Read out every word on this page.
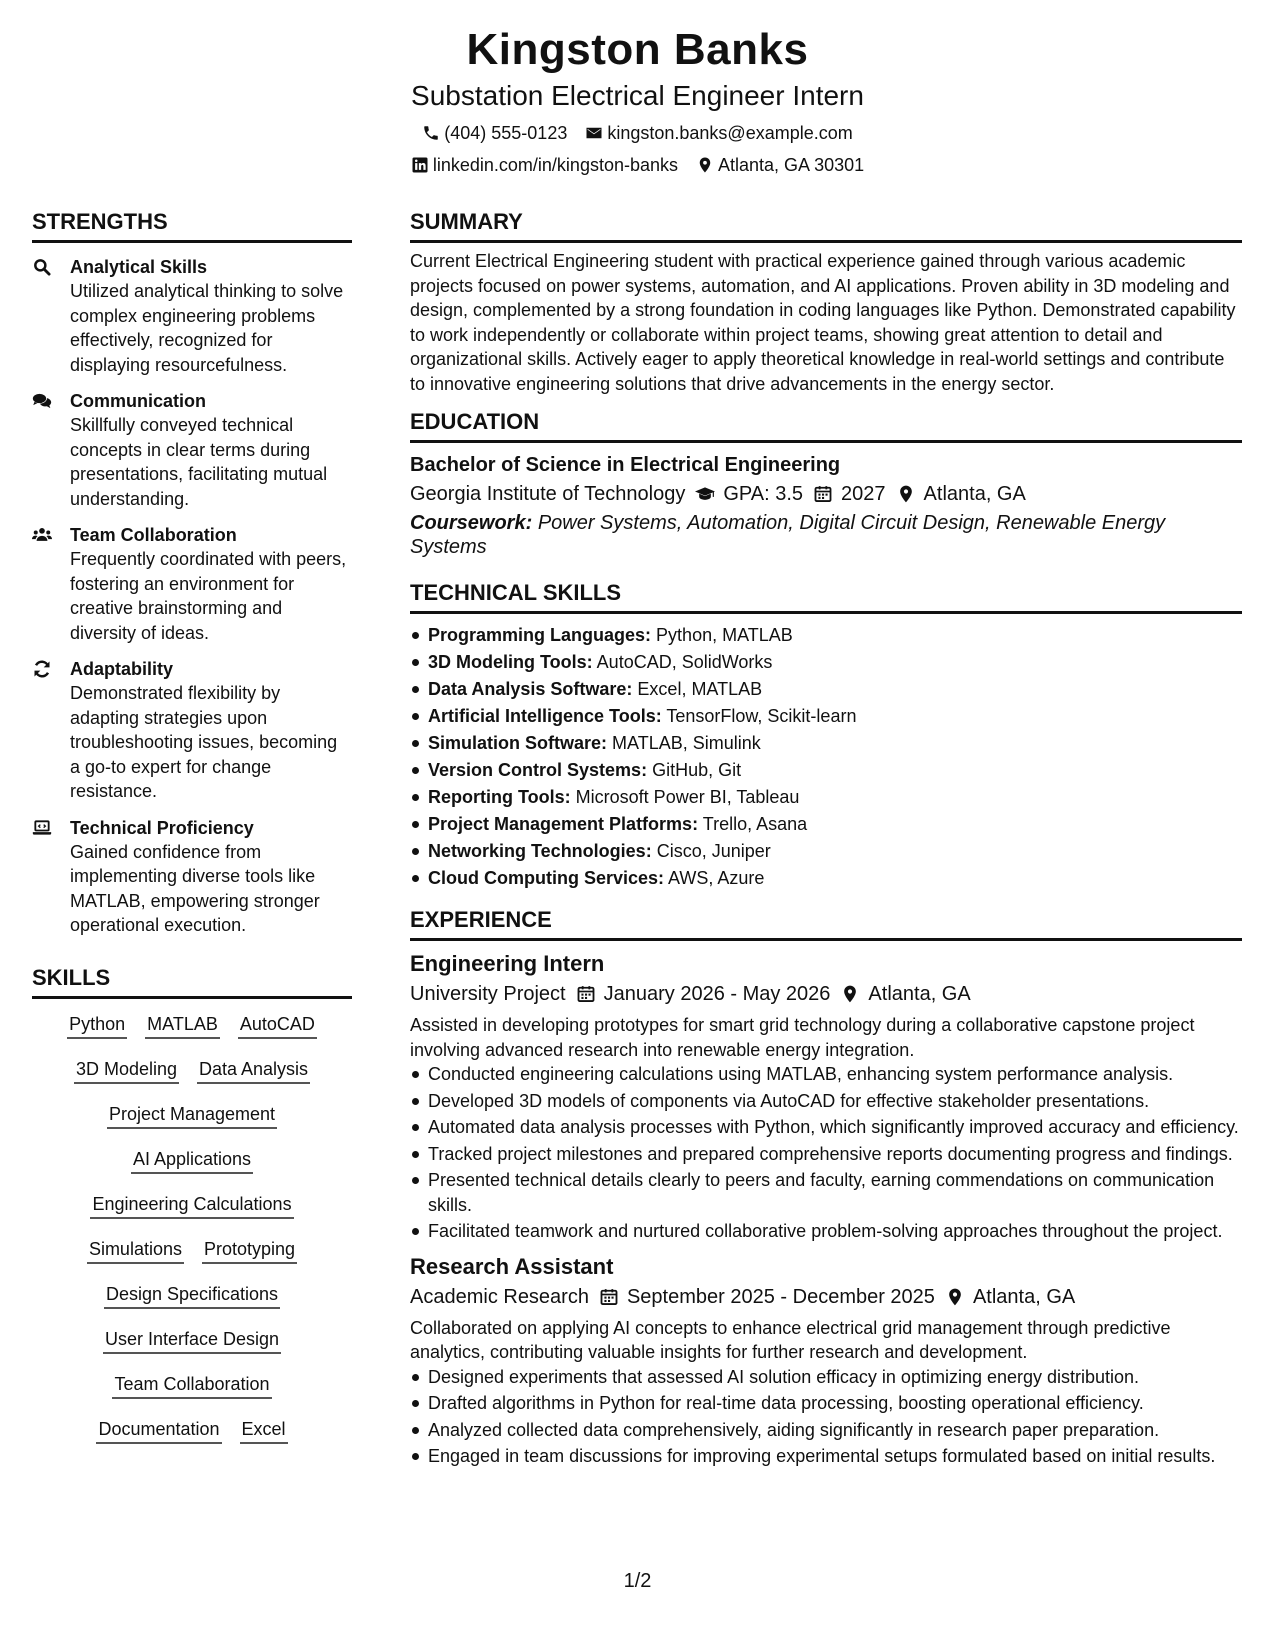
Kingston Banks
Substation Electrical Engineer Intern
(404) 555-0123 kingston.banks@example.com
linkedin.com/in/kingston-banks Atlanta, GA 30301
STRENGTHS
Analytical Skills
Utilized analytical thinking to solve complex engineering problems effectively, recognized for displaying resourcefulness.
Communication
Skillfully conveyed technical concepts in clear terms during presentations, facilitating mutual understanding.
Team Collaboration
Frequently coordinated with peers, fostering an environment for creative brainstorming and diversity of ideas.
Adaptability
Demonstrated flexibility by adapting strategies upon troubleshooting issues, becoming a go-to expert for change resistance.
Technical Proficiency
Gained confidence from implementing diverse tools like MATLAB, empowering stronger operational execution.
SKILLS
Python MATLAB AutoCAD
3D Modeling Data Analysis
Project Management
AI Applications
Engineering Calculations
Simulations Prototyping
Design Specifications
User Interface Design
Team Collaboration
Documentation Excel
SUMMARY
Current Electrical Engineering student with practical experience gained through various academic projects focused on power systems, automation, and AI applications. Proven ability in 3D modeling and design, complemented by a strong foundation in coding languages like Python. Demonstrated capability to work independently or collaborate within project teams, showing great attention to detail and organizational skills. Actively eager to apply theoretical knowledge in real-world settings and contribute to innovative engineering solutions that drive advancements in the energy sector.
EDUCATION
Bachelor of Science in Electrical Engineering
Georgia Institute of Technology GPA: 3.5 2027 Atlanta, GA
Coursework: Power Systems, Automation, Digital Circuit Design, Renewable Energy Systems
TECHNICAL SKILLS
Programming Languages: Python, MATLAB
3D Modeling Tools: AutoCAD, SolidWorks
Data Analysis Software: Excel, MATLAB
Artificial Intelligence Tools: TensorFlow, Scikit-learn
Simulation Software: MATLAB, Simulink
Version Control Systems: GitHub, Git
Reporting Tools: Microsoft Power BI, Tableau
Project Management Platforms: Trello, Asana
Networking Technologies: Cisco, Juniper
Cloud Computing Services: AWS, Azure
EXPERIENCE
Engineering Intern
University Project January 2026 - May 2026 Atlanta, GA
Assisted in developing prototypes for smart grid technology during a collaborative capstone project involving advanced research into renewable energy integration.
Conducted engineering calculations using MATLAB, enhancing system performance analysis.
Developed 3D models of components via AutoCAD for effective stakeholder presentations.
Automated data analysis processes with Python, which significantly improved accuracy and efficiency.
Tracked project milestones and prepared comprehensive reports documenting progress and findings.
Presented technical details clearly to peers and faculty, earning commendations on communication skills.
Facilitated teamwork and nurtured collaborative problem-solving approaches throughout the project.
Research Assistant
Academic Research September 2025 - December 2025 Atlanta, GA
Collaborated on applying AI concepts to enhance electrical grid management through predictive analytics, contributing valuable insights for further research and development.
Designed experiments that assessed AI solution efficacy in optimizing energy distribution.
Drafted algorithms in Python for real-time data processing, boosting operational efficiency.
Analyzed collected data comprehensively, aiding significantly in research paper preparation.
Engaged in team discussions for improving experimental setups formulated based on initial results.
1/2
